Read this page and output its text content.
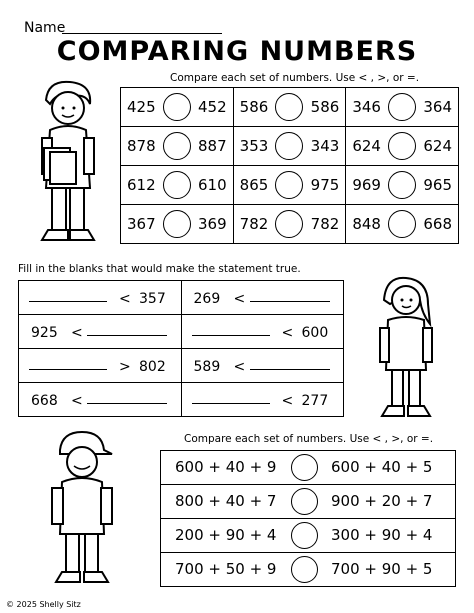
Name
COMPARING NUMBERS
Compare each set of numbers. Use < , >, or =.
425 452	586 586	346 364

878 887	353 343	624 624

612 610	865 975	969 965

367 369	782 782	848 668
Fill in the blanks that would make the statement true.
< 357	269 <

925 <	< 600

> 802	589 <

668 <	< 277
Compare each set of numbers. Use < , >, or =.
600 + 40 + 9	600 + 40 + 5

800 + 40 + 7	900 + 20 + 7

200 + 90 + 4	300 + 90 + 4

700 + 50 + 9	700 + 90 + 5
© 2025 Shelly Sitz
